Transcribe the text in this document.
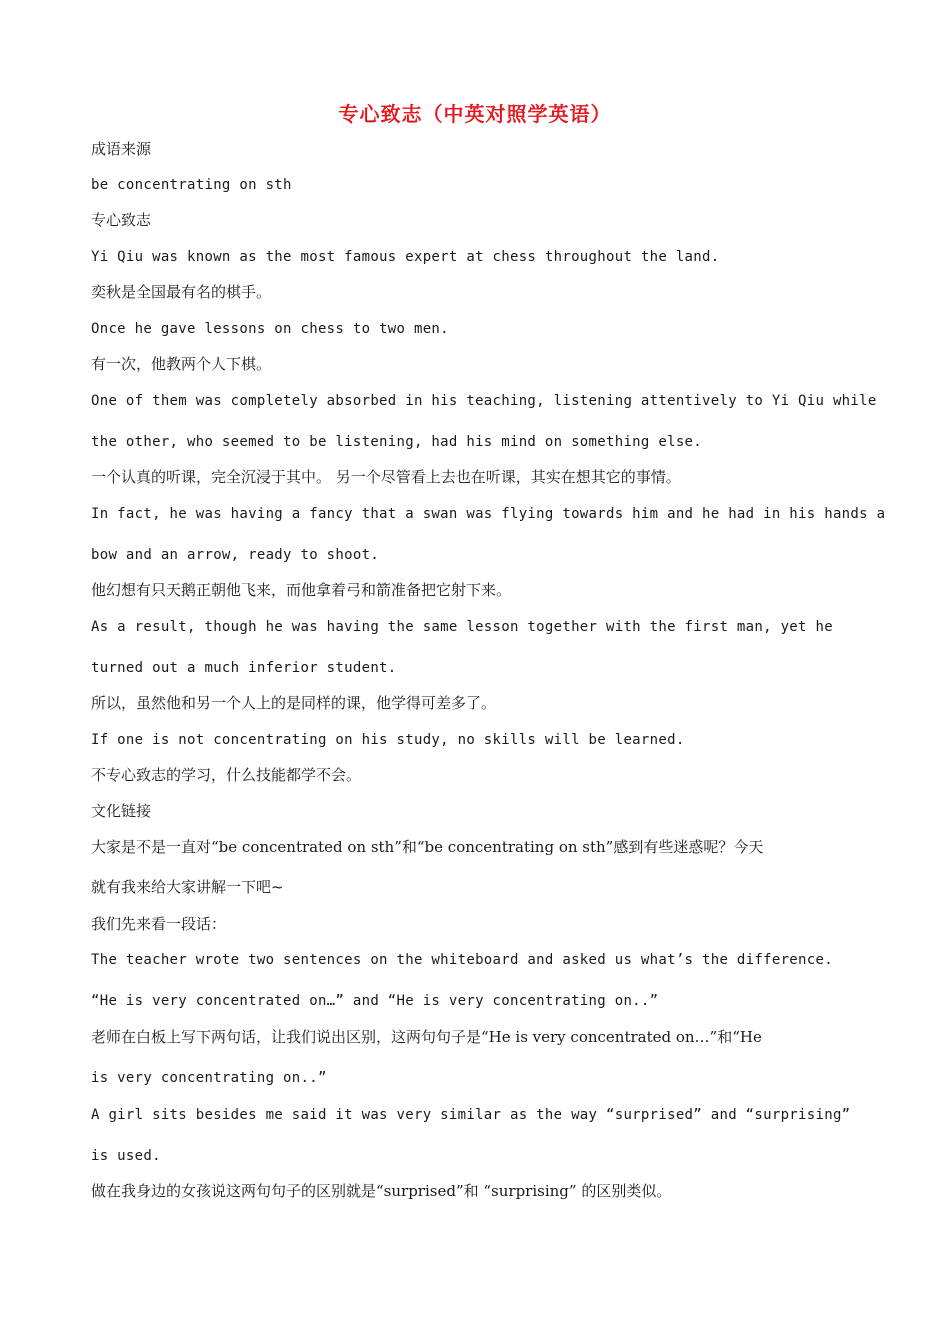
专心致志（中英对照学英语）
成语来源
be concentrating on sth
专心致志
Yi Qiu was known as the most famous expert at chess throughout the land.
奕秋是全国最有名的棋手。
Once he gave lessons on chess to two men.
有一次，他教两个人下棋。
One of them was completely absorbed in his teaching, listening attentively to Yi Qiu while
the other, who seemed to be listening, had his mind on something else.
一个认真的听课，完全沉浸于其中。 另一个尽管看上去也在听课，其实在想其它的事情。
In fact, he was having a fancy that a swan was flying towards him and he had in his hands a
bow and an arrow, ready to shoot.
他幻想有只天鹅正朝他飞来，而他拿着弓和箭准备把它射下来。
As a result, though he was having the same lesson together with the first man, yet he
turned out a much inferior student.
所以，虽然他和另一个人上的是同样的课，他学得可差多了。
If one is not concentrating on his study, no skills will be learned.
不专心致志的学习，什么技能都学不会。
文化链接
大家是不是一直对“be concentrated on sth”和“be concentrating on sth”感到有些迷惑呢？今天
就有我来给大家讲解一下吧~
我们先来看一段话：
The teacher wrote two sentences on the whiteboard and asked us what’s the difference.
“He is very concentrated on…” and “He is very concentrating on..”
老师在白板上写下两句话，让我们说出区别，这两句句子是“He is very concentrated on…”和“He
is very concentrating on..”
A girl sits besides me said it was very similar as the way “surprised” and “surprising”
is used.
做在我身边的女孩说这两句句子的区别就是“surprised”和 “surprising” 的区别类似。
